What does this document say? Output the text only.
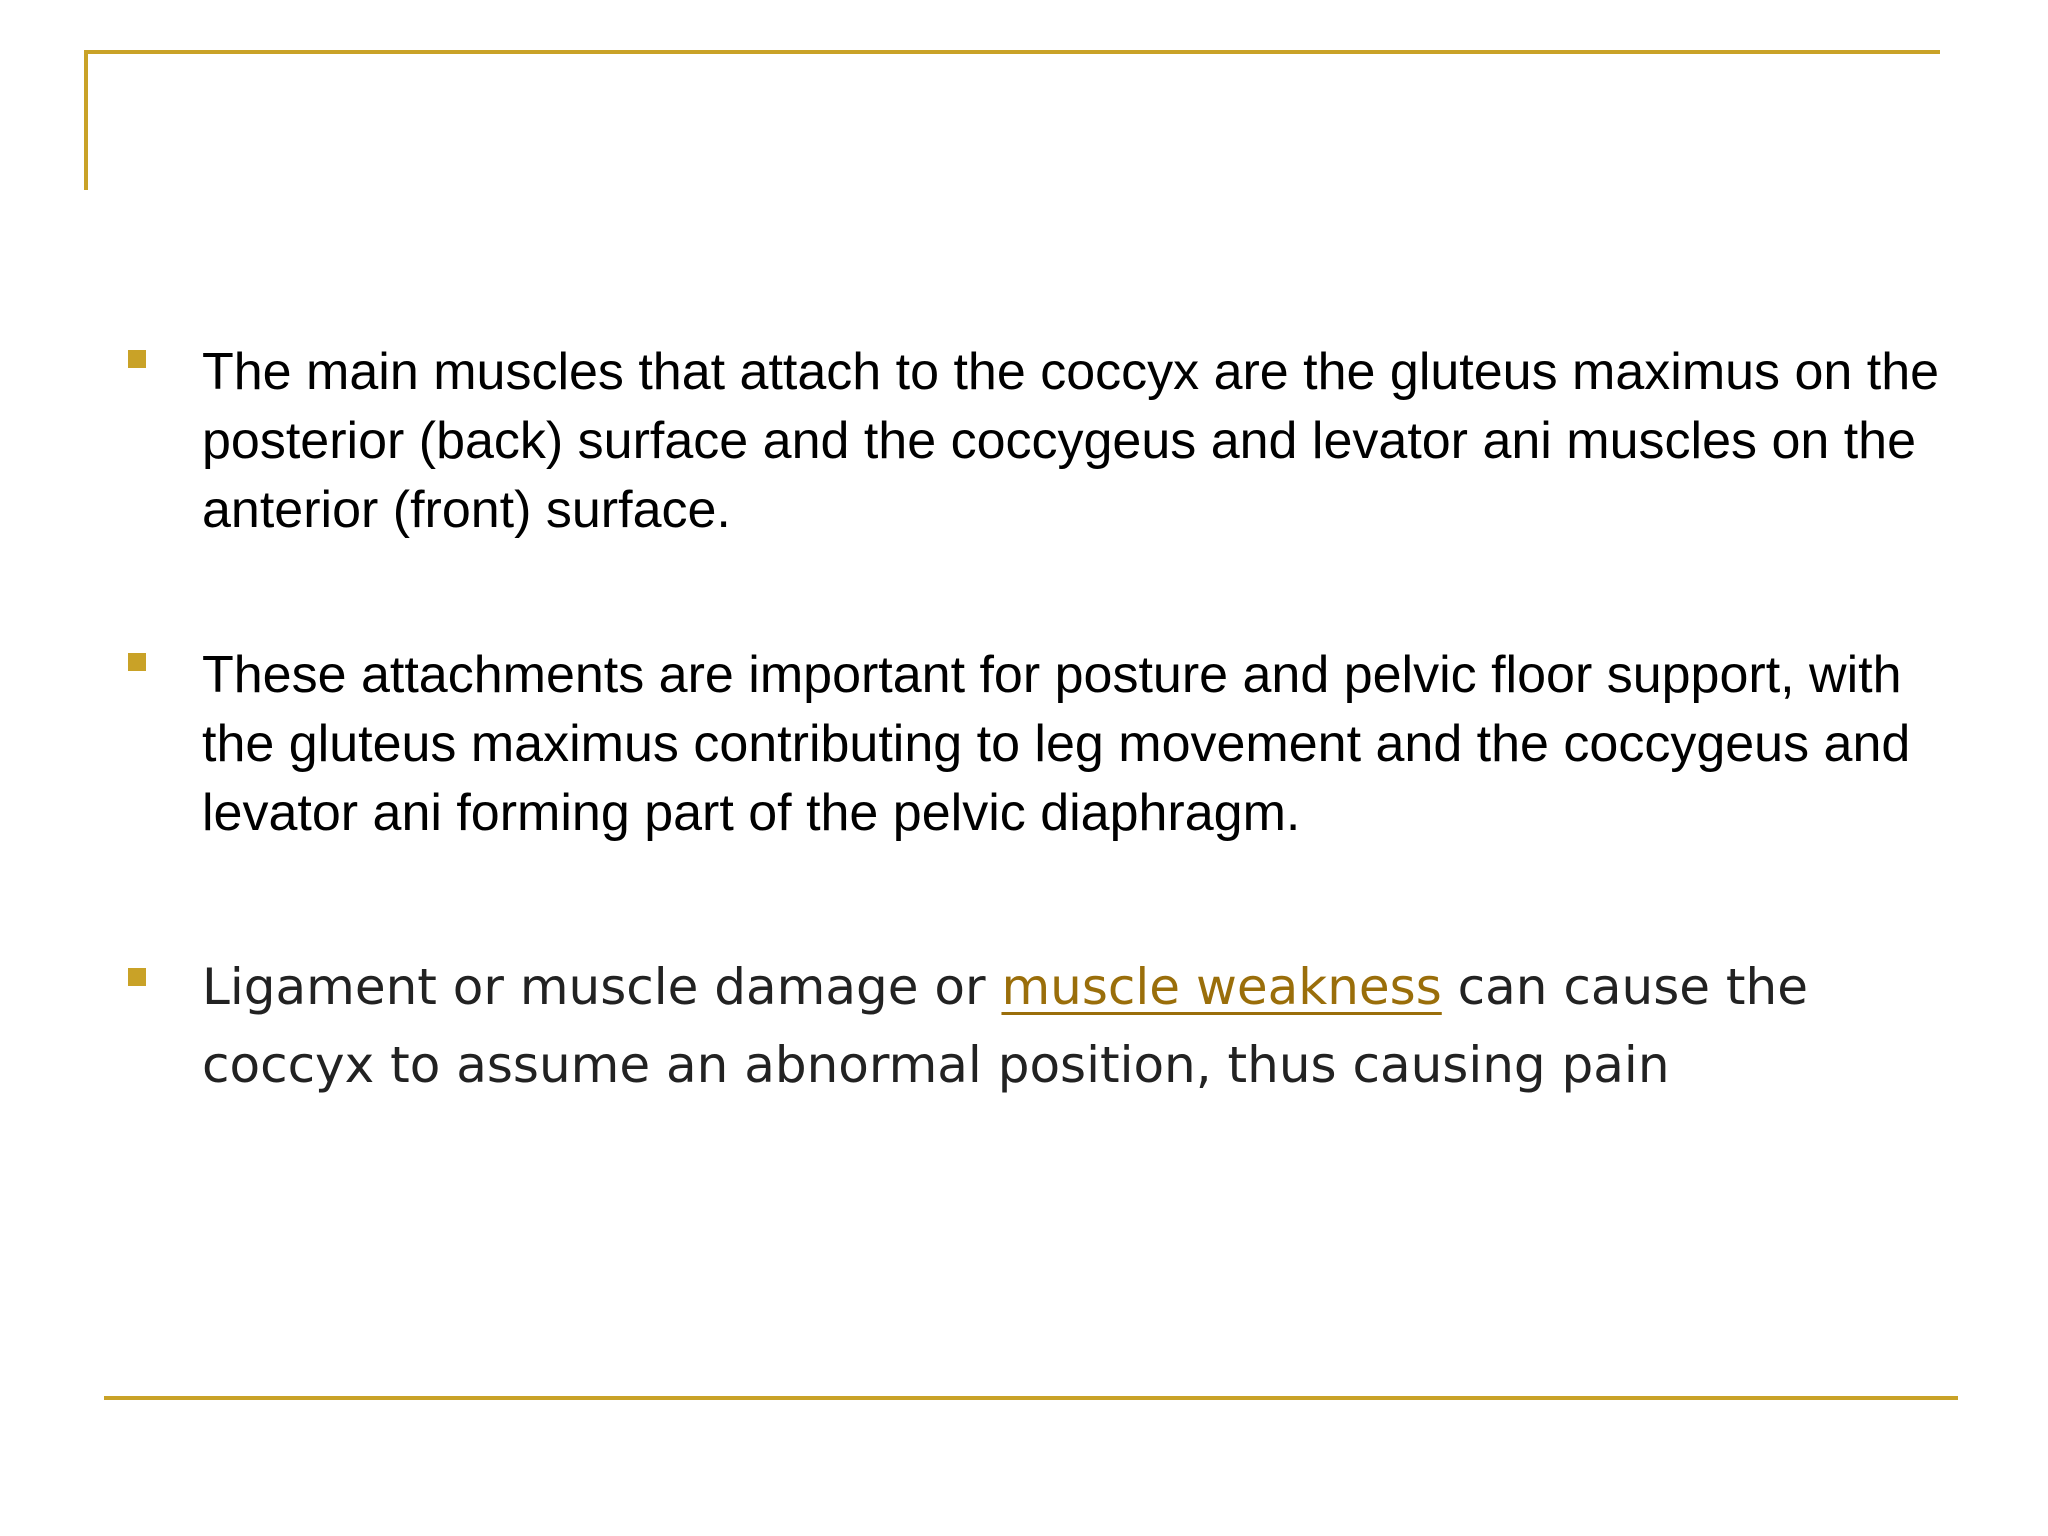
The main muscles that attach to the coccyx are the gluteus maximus on the posterior (back) surface and the coccygeus and levator ani muscles on the anterior (front) surface.

These attachments are important for posture and pelvic floor support, with the gluteus maximus contributing to leg movement and the coccygeus and levator ani forming part of the pelvic diaphragm.

Ligament or muscle damage or muscle weakness can cause the coccyx to assume an abnormal position, thus causing pain
